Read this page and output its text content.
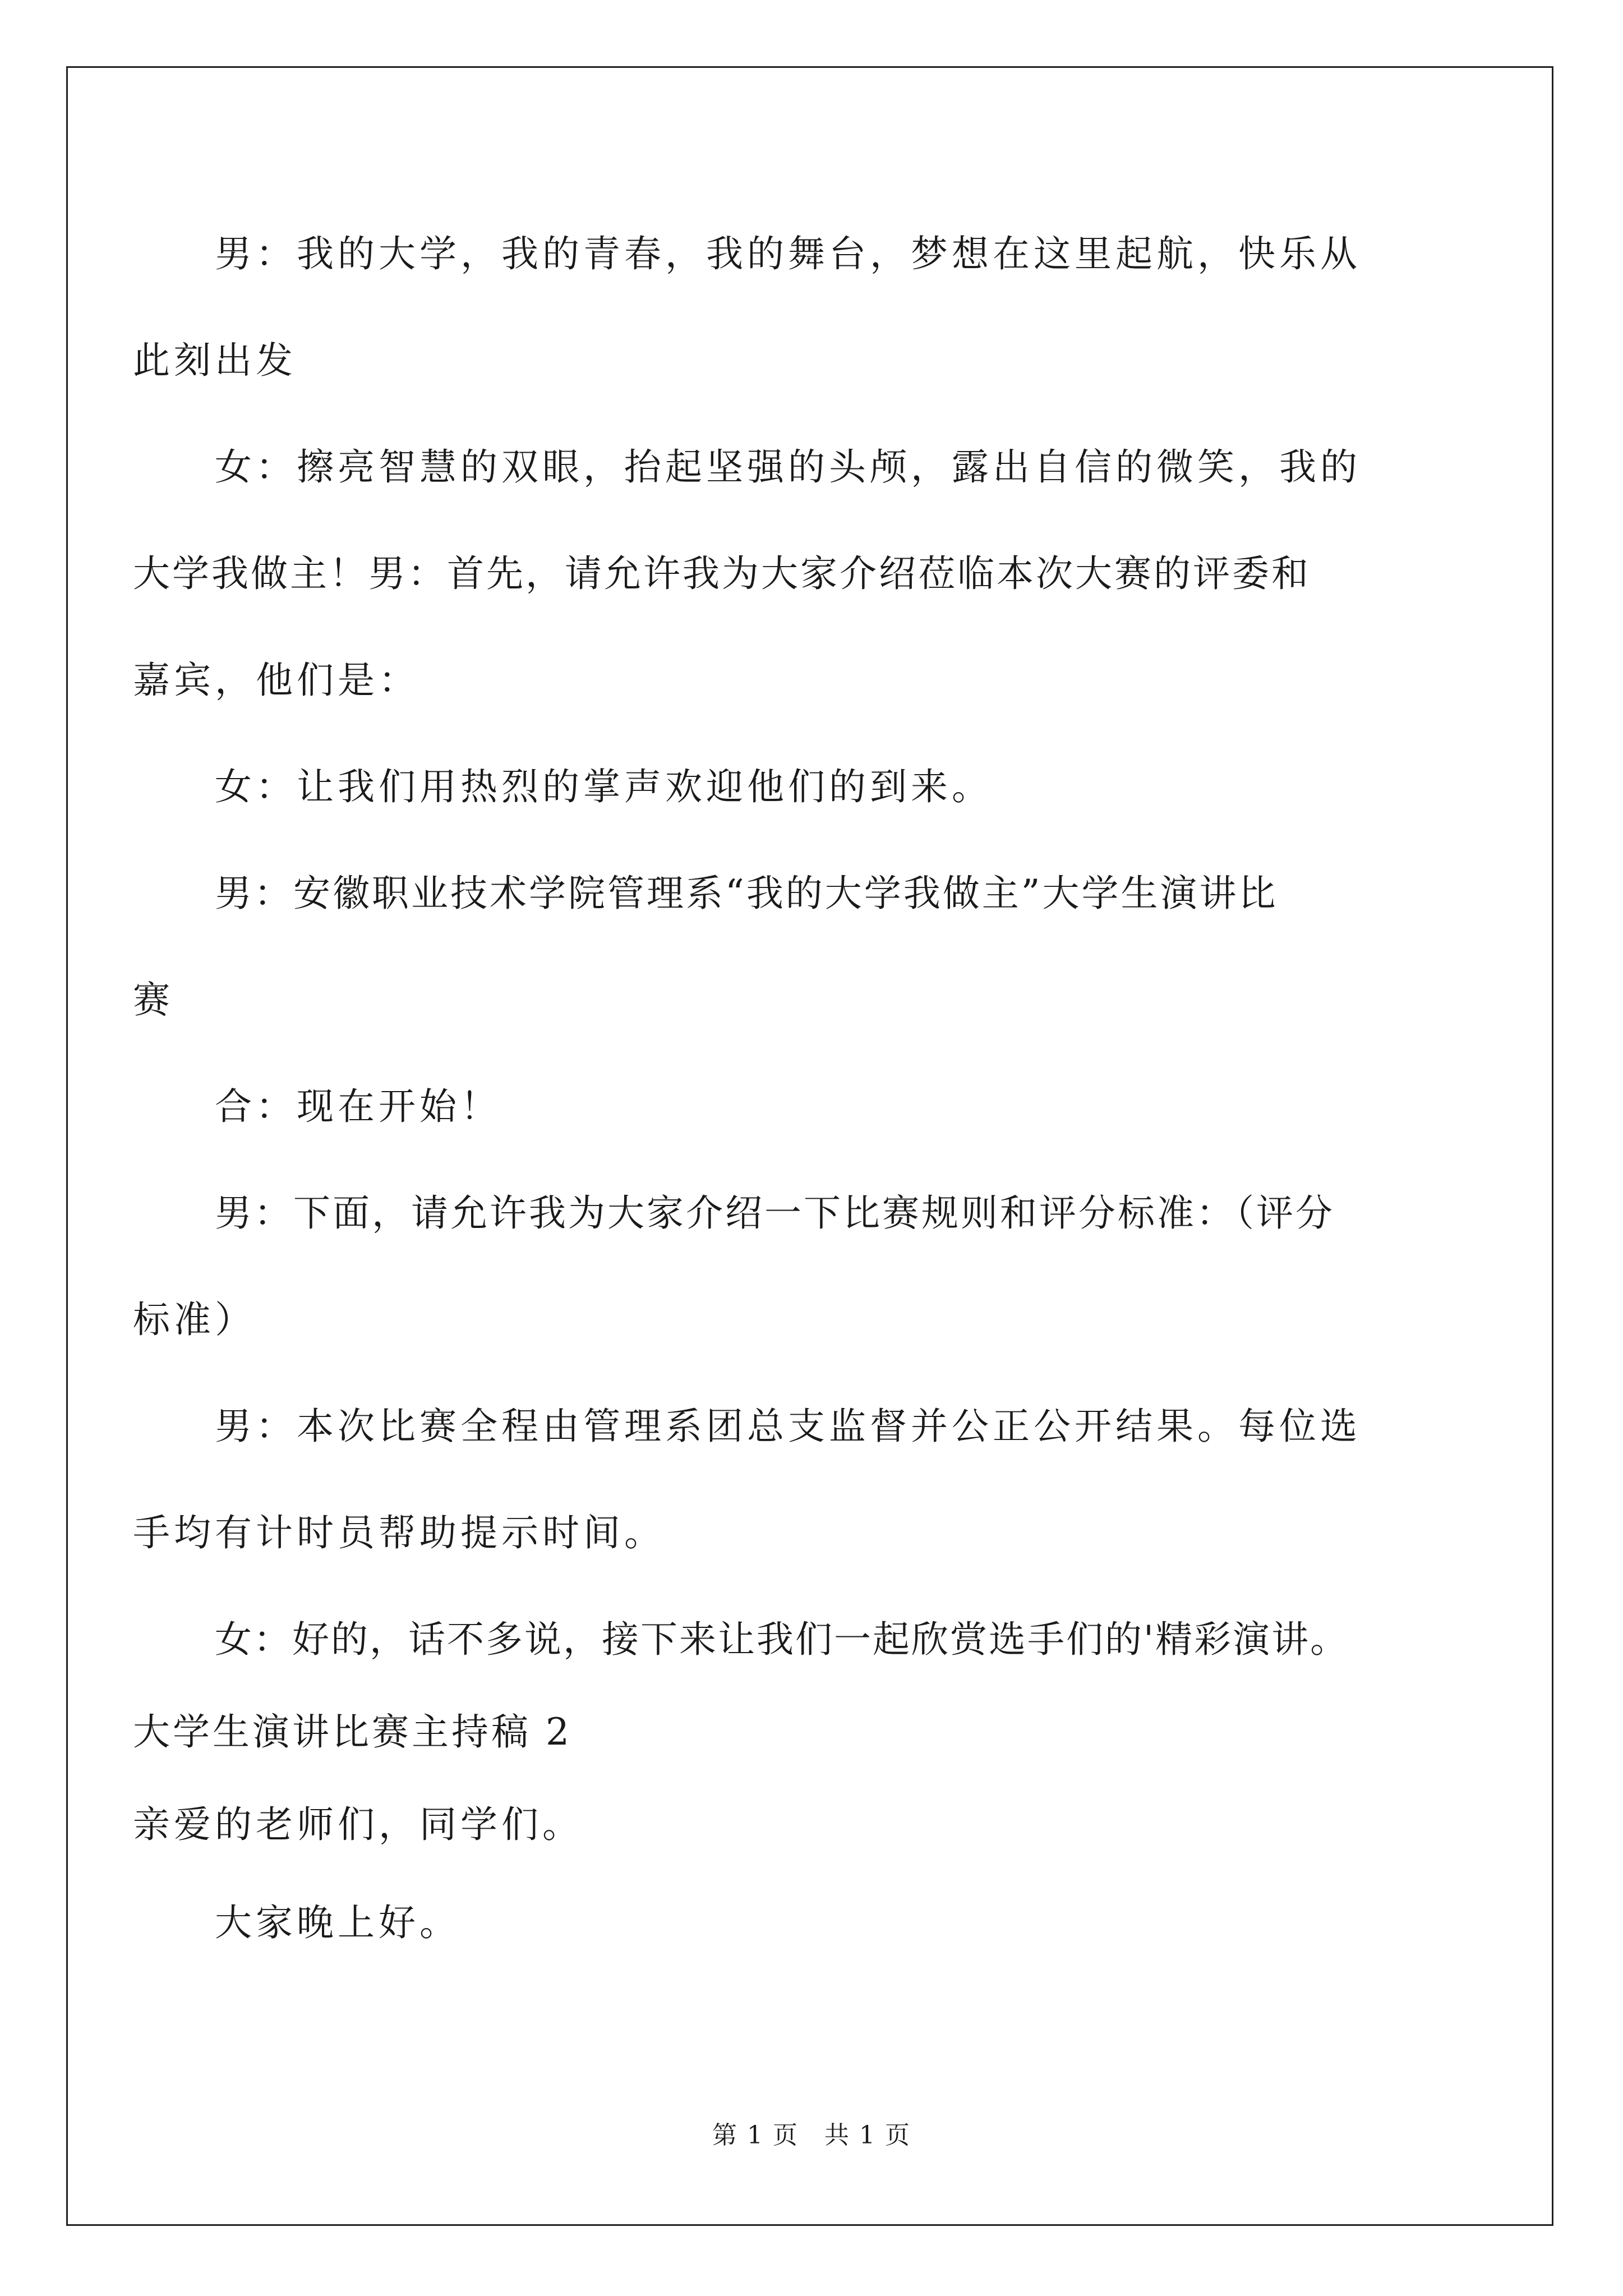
男：我的大学，我的青春，我的舞台，梦想在这里起航，快乐从
此刻出发
女：擦亮智慧的双眼，抬起坚强的头颅，露出自信的微笑，我的
大学我做主！男：首先，请允许我为大家介绍莅临本次大赛的评委和
嘉宾，他们是：
女：让我们用热烈的掌声欢迎他们的到来。
男：安徽职业技术学院管理系“我的大学我做主”大学生演讲比
赛
合：现在开始！
男：下面，请允许我为大家介绍一下比赛规则和评分标准：（评分
标准）
男：本次比赛全程由管理系团总支监督并公正公开结果。每位选
手均有计时员帮助提示时间。
女：好的，话不多说，接下来让我们一起欣赏选手们的'精彩演讲。
大学生演讲比赛主持稿 2
亲爱的老师们，同学们。
大家晚上好。
第 1 页　共 1 页
